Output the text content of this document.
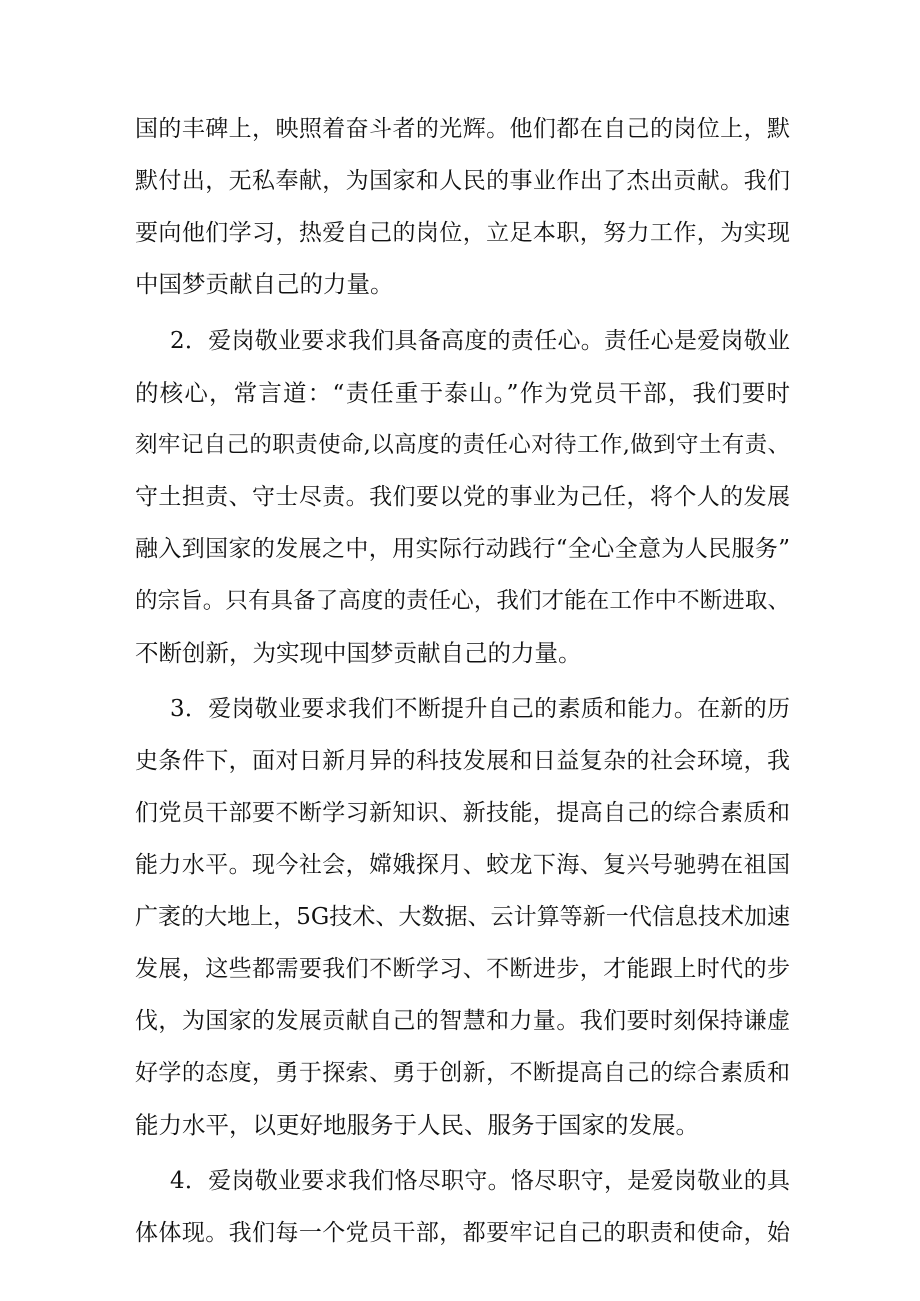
国的丰碑上，映照着奋斗者的光辉。他们都在自己的岗位上，默
默付出，无私奉献，为国家和人民的事业作出了杰出贡献。我们
要向他们学习，热爱自己的岗位，立足本职，努力工作，为实现
中国梦贡献自己的力量。
2．爱岗敬业要求我们具备高度的责任心。责任心是爱岗敬业
的核心，常言道：“责任重于泰山。”作为党员干部，我们要时
刻牢记自己的职责使命,以高度的责任心对待工作,做到守土有责、
守土担责、守士尽责。我们要以党的事业为己任，将个人的发展
融入到国家的发展之中，用实际行动践行“全心全意为人民服务”
的宗旨。只有具备了高度的责任心，我们才能在工作中不断进取、
不断创新，为实现中国梦贡献自己的力量。
3．爱岗敬业要求我们不断提升自己的素质和能力。在新的历
史条件下，面对日新月异的科技发展和日益复杂的社会环境，我
们党员干部要不断学习新知识、新技能，提高自己的综合素质和
能力水平。现今社会，嫦娥探月、蛟龙下海、复兴号驰骋在祖国
广袤的大地上，5G技术、大数据、云计算等新一代信息技术加速
发展，这些都需要我们不断学习、不断进步，才能跟上时代的步
伐，为国家的发展贡献自己的智慧和力量。我们要时刻保持谦虚
好学的态度，勇于探索、勇于创新，不断提高自己的综合素质和
能力水平，以更好地服务于人民、服务于国家的发展。
4．爱岗敬业要求我们恪尽职守。恪尽职守，是爱岗敬业的具
体体现。我们每一个党员干部，都要牢记自己的职责和使命，始
